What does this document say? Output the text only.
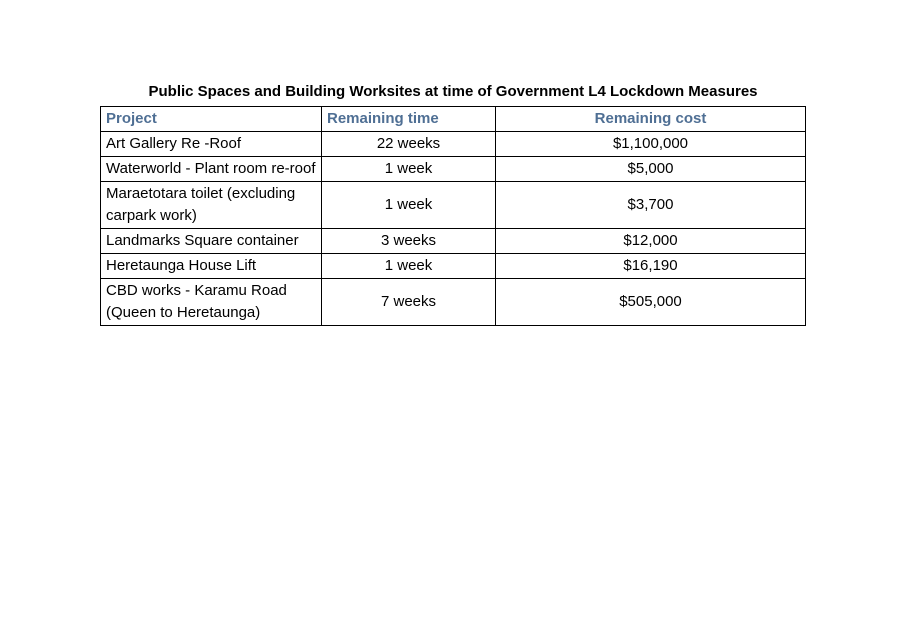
Public Spaces and Building Worksites at time of Government L4 Lockdown Measures
Project	Remaining time	Remaining cost
Art Gallery Re -Roof	22 weeks	$1,100,000
Waterworld - Plant room re-roof	1 week	$5,000
Maraetotara toilet (excluding carpark work)	1 week	$3,700
Landmarks Square container	3 weeks	$12,000
Heretaunga House Lift	1 week	$16,190
CBD works - Karamu Road (Queen to Heretaunga)	7 weeks	$505,000
